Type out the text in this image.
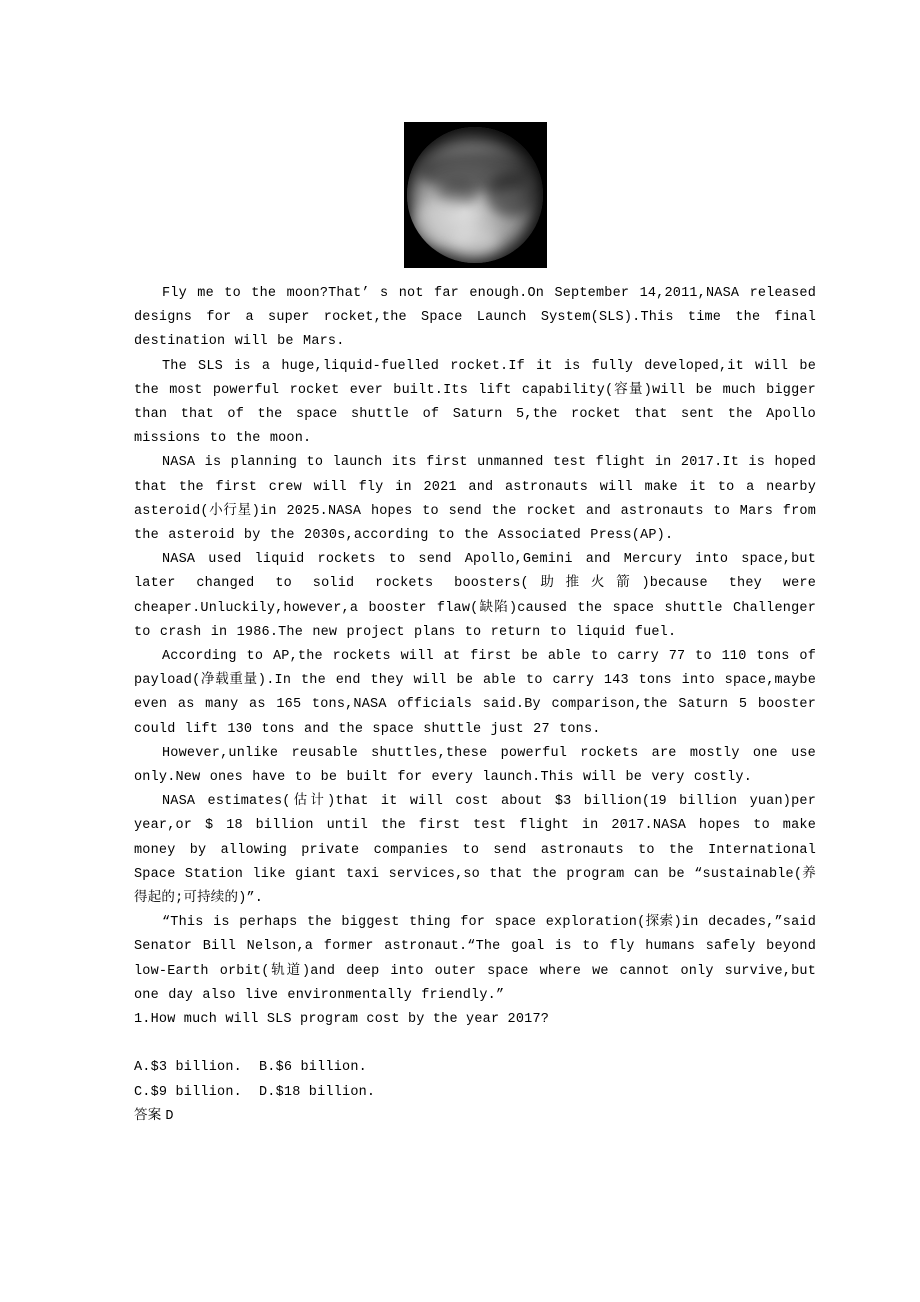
Fly me to the moon?That’ s not far enough.On September 14,2011,NASA released designs for a super rocket,the Space Launch System(SLS).This time the final destination will be Mars.

The SLS is a huge,liquid-fuelled rocket.If it is fully developed,it will be the most powerful rocket ever built.Its lift capability(容量)will be much bigger than that of the space shuttle of Saturn 5,the rocket that sent the Apollo missions to the moon.

NASA is planning to launch its first unmanned test flight in 2017.It is hoped that the first crew will fly in 2021 and astronauts will make it to a nearby asteroid(小行星)in 2025.NASA hopes to send the rocket and astronauts to Mars from the asteroid by the 2030s,according to the Associated Press(AP).

NASA used liquid rockets to send Apollo,Gemini and Mercury into space,but later changed to solid rockets boosters(助推火箭)because they were cheaper.Unluckily,however,a booster flaw(缺陷)caused the space shuttle Challenger to crash in 1986.The new project plans to return to liquid fuel.

According to AP,the rockets will at first be able to carry 77 to 110 tons of payload(净载重量).In the end they will be able to carry 143 tons into space,maybe even as many as 165 tons,NASA officials said.By comparison,the Saturn 5 booster could lift 130 tons and the space shuttle just 27 tons.

However,unlike reusable shuttles,these powerful rockets are mostly one use only.New ones have to be built for every launch.This will be very costly.

NASA estimates(估计)that it will cost about $3 billion(19 billion yuan)per year,or $ 18 billion until the first test flight in 2017.NASA hopes to make money by allowing private companies to send astronauts to the International Space Station like giant taxi services,so that the program can be “sustainable(养得起的;可持续的)”.

“This is perhaps the biggest thing for space exploration(探索)in decades,”said Senator Bill Nelson,a former astronaut.“The goal is to fly humans safely beyond low-Earth orbit(轨道)and deep into outer space where we cannot only survive,but one day also live environmentally friendly.”

1.How much will SLS program cost by the year 2017?

A.$3 billion. B.$6 billion.
C.$9 billion. D.$18 billion.
答案 D
